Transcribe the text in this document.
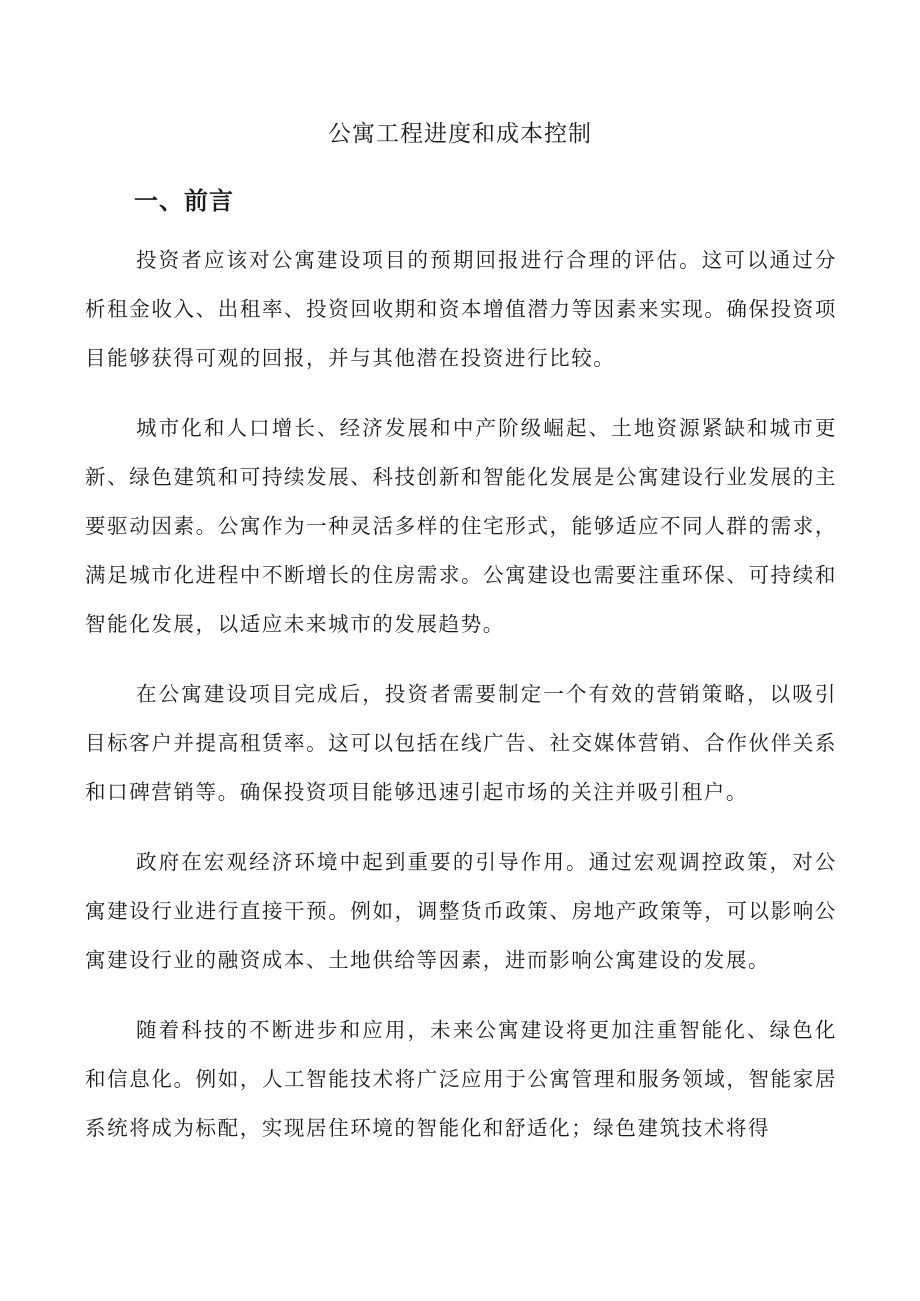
公寓工程进度和成本控制
一、前言

投资者应该对公寓建设项目的预期回报进行合理的评估。这可以通过分析租金收入、出租率、投资回收期和资本增值潜力等因素来实现。确保投资项目能够获得可观的回报，并与其他潜在投资进行比较。

城市化和人口增长、经济发展和中产阶级崛起、土地资源紧缺和城市更新、绿色建筑和可持续发展、科技创新和智能化发展是公寓建设行业发展的主要驱动因素。公寓作为一种灵活多样的住宅形式，能够适应不同人群的需求，满足城市化进程中不断增长的住房需求。公寓建设也需要注重环保、可持续和智能化发展，以适应未来城市的发展趋势。

在公寓建设项目完成后，投资者需要制定一个有效的营销策略，以吸引目标客户并提高租赁率。这可以包括在线广告、社交媒体营销、合作伙伴关系和口碑营销等。确保投资项目能够迅速引起市场的关注并吸引租户。

政府在宏观经济环境中起到重要的引导作用。通过宏观调控政策，对公寓建设行业进行直接干预。例如，调整货币政策、房地产政策等，可以影响公寓建设行业的融资成本、土地供给等因素，进而影响公寓建设的发展。

随着科技的不断进步和应用，未来公寓建设将更加注重智能化、绿色化和信息化。例如，人工智能技术将广泛应用于公寓管理和服务领域，智能家居系统将成为标配，实现居住环境的智能化和舒适化；绿色建筑技术将得
